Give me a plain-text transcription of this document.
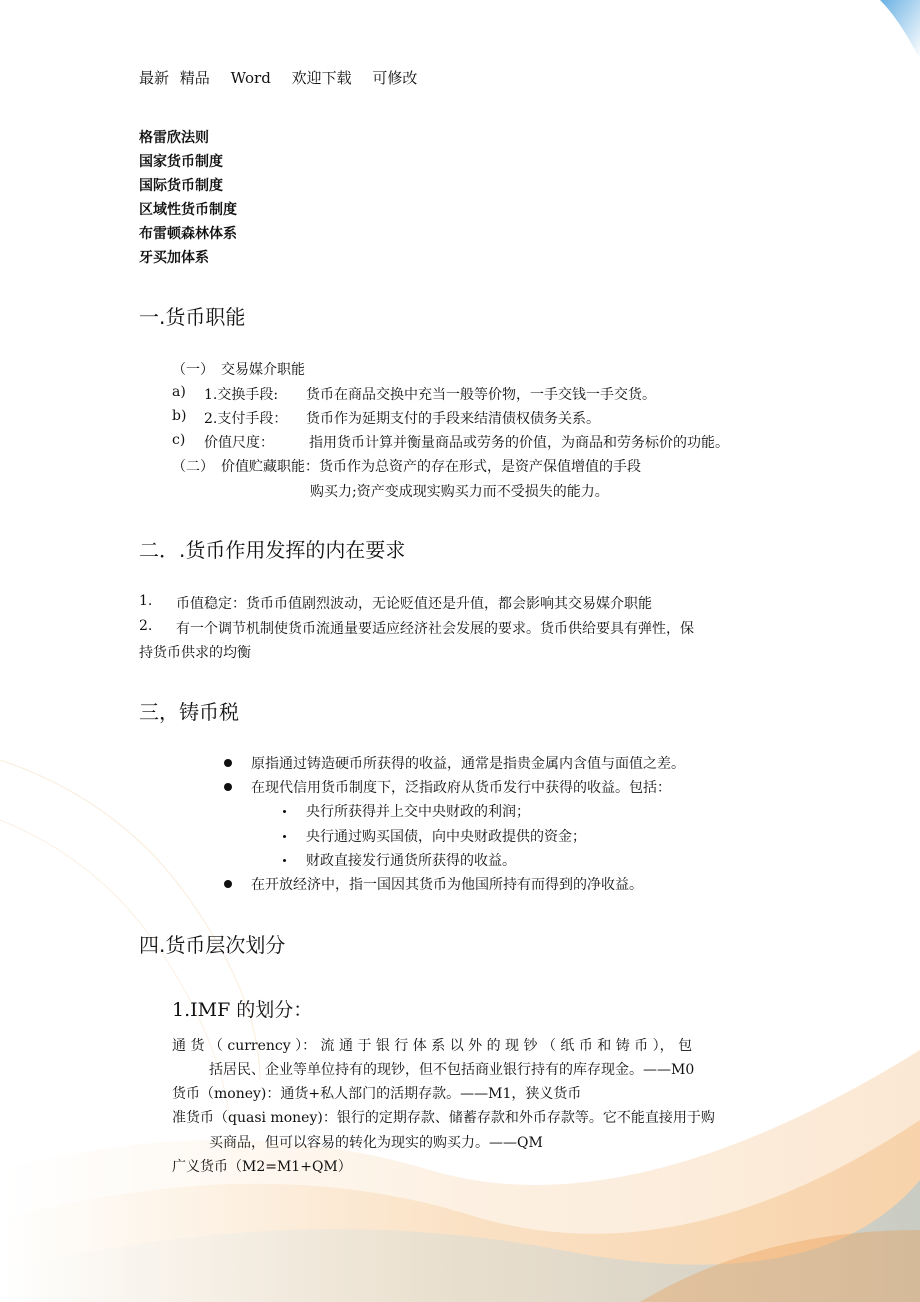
最新 精品 Word 欢迎下载 可修改
格雷欣法则
国家货币制度
国际货币制度
区域性货币制度
布雷顿森林体系
牙买加体系
一.货币职能
（一）　交易媒介职能
a) 1.交换手段: 货币在商品交换中充当一般等价物，一手交钱一手交货。
b) 2.支付手段： 货币作为延期支付的手段来结清债权债务关系。
c) 价值尺度：	指用货币计算并衡量商品或劳务的价值，为商品和劳务标价的功能。
（二）　价值贮藏职能：货币作为总资产的存在形式，是资产保值增值的手段
购买力;资产变成现实购买力而不受损失的能力。
二．.货币作用发挥的内在要求
1. 币值稳定：货币币值剧烈波动，无论贬值还是升值，都会影响其交易媒介职能
2. 有一个调节机制使货币流通量要适应经济社会发展的要求。货币供给要具有弹性，保
持货币供求的均衡
三，铸币税
原指通过铸造硬币所获得的收益，通常是指贵金属内含值与面值之差。
在现代信用货币制度下，泛指政府从货币发行中获得的收益。包括：
央行所获得并上交中央财政的利润；
央行通过购买国债，向中央财政提供的资金；
财政直接发行通货所获得的收益。
在开放经济中，指一国因其货币为他国所持有而得到的净收益。
四.货币层次划分
1.IMF 的划分：
通 货 （ currency ）： 流 通 于 银 行 体 系 以 外 的 现 钞 （ 纸 币 和 铸 币 ）， 包
括居民、企业等单位持有的现钞，但不包括商业银行持有的库存现金。——M0
货币（money)：通货+私人部门的活期存款。——M1，狭义货币
准货币（quasi money)：银行的定期存款、储蓄存款和外币存款等。它不能直接用于购
买商品，但可以容易的转化为现实的购买力。——QM
广义货币（M2=M1+QM）
